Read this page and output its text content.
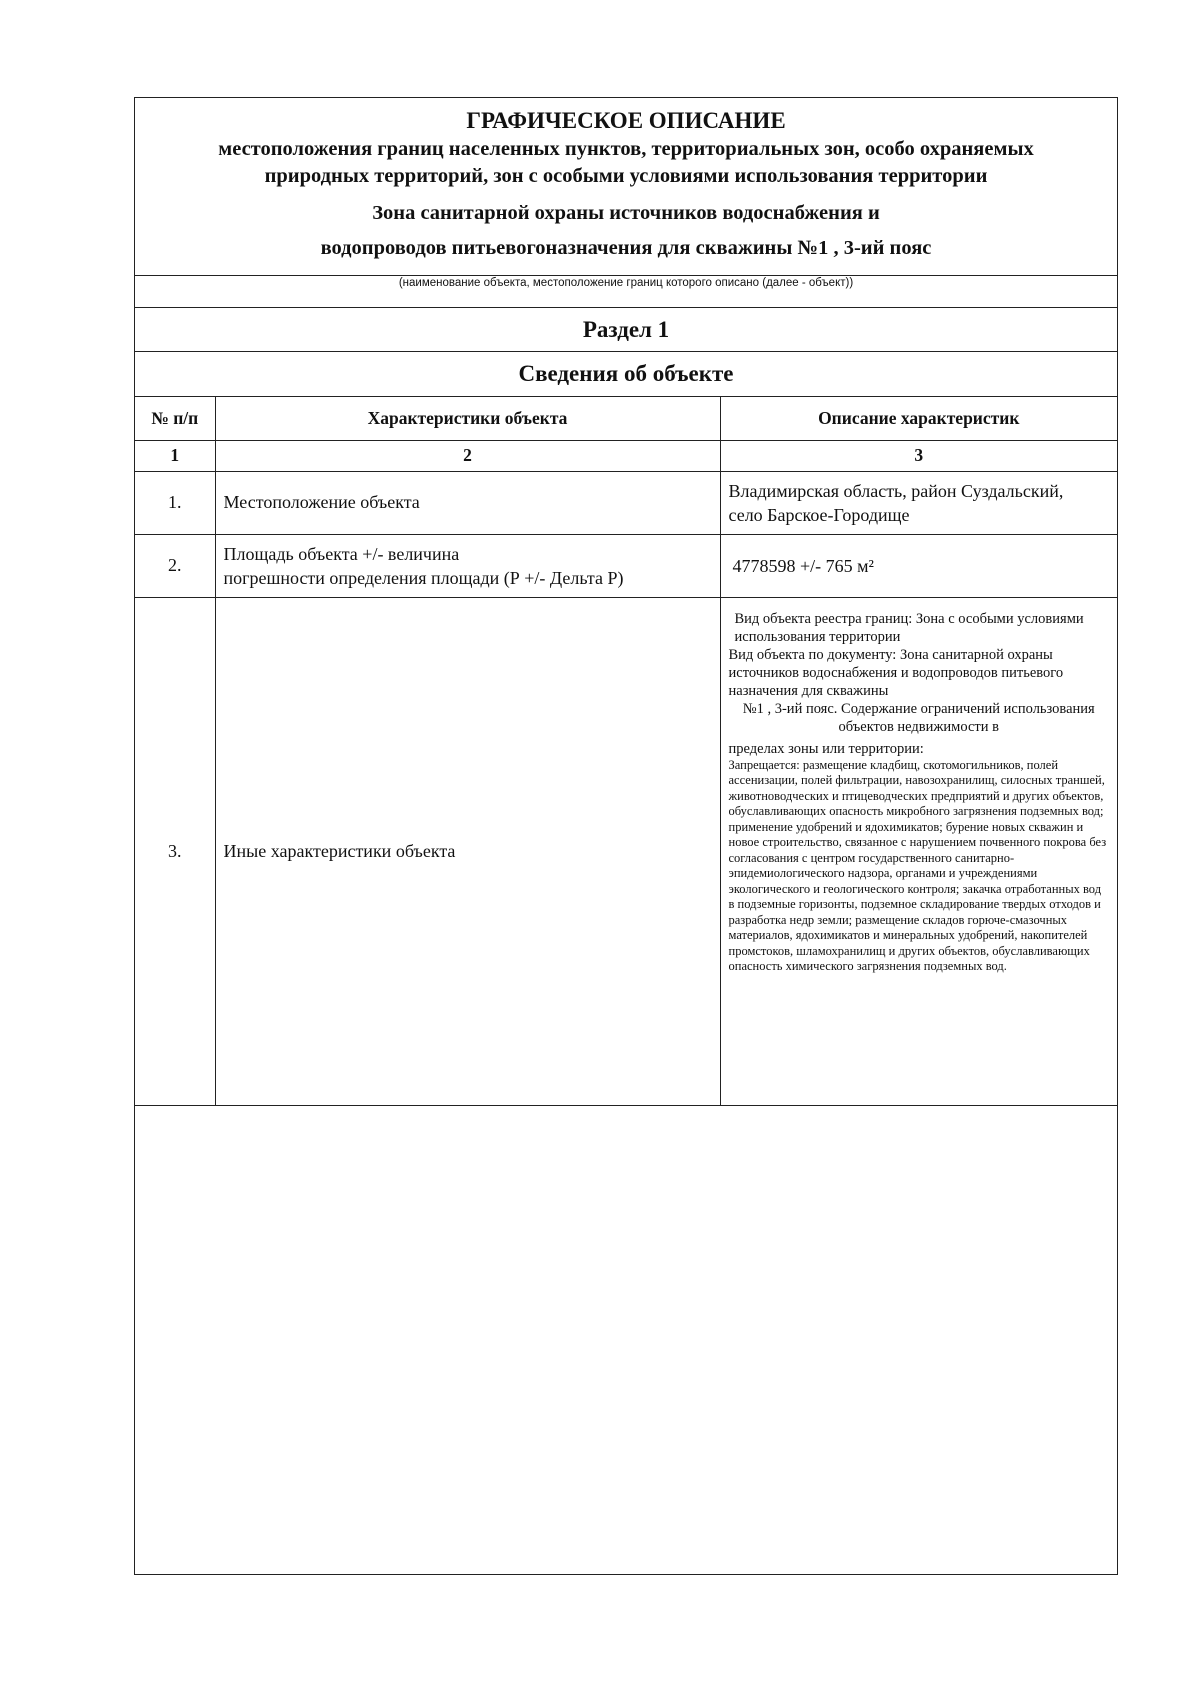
ГРАФИЧЕСКОЕ ОПИСАНИЕ
местоположения границ населенных пунктов, территориальных зон, особо охраняемых
природных территорий, зон с особыми условиями использования территории
Зона санитарной охраны источников водоснабжения и
водопроводов питьевогоназначения для скважины №1 , 3-ий пояс
(наименование объекта, местоположение границ которого описано (далее - объект))
Раздел 1
Сведения об объекте
№ п/п	Характеристики объекта	Описание характеристик
1	2	3
1.	Местоположение объекта	Владимирская область, район Суздальский,
село Барское-Городище

2.	Площадь объекта +/- величина
погрешности определения площади (Р +/- Дельта Р)	4778598 +/- 765 м²
3.	Иные характеристики объекта	Вид объекта реестра границ: Зона с особыми условиями использования территории
Вид объекта по документу: Зона санитарной охраны источников водоснабжения и водопроводов питьевого назначения для скважины
№1 , 3-ий пояс. Содержание ограничений использования объектов недвижимости в
пределах зоны или территории:
Запрещается: размещение кладбищ, скотомогильников, полей ассенизации, полей фильтрации, навозохранилищ, силосных траншей, животноводческих и птицеводческих предприятий и других объектов, обуславливающих опасность микробного загрязнения подземных вод; применение удобрений и ядохимикатов; бурение новых скважин и новое строительство, связанное с нарушением почвенного покрова без согласования с центром государственного санитарно-эпидемиологического надзора, органами и учреждениями экологического и геологического контроля; закачка отработанных вод в подземные горизонты, подземное складирование твердых отходов и разработка недр земли; размещение складов горюче-смазочных материалов, ядохимикатов и минеральных удобрений, накопителей промстоков, шламохранилищ и других объектов, обуславливающих опасность химического загрязнения подземных вод.
